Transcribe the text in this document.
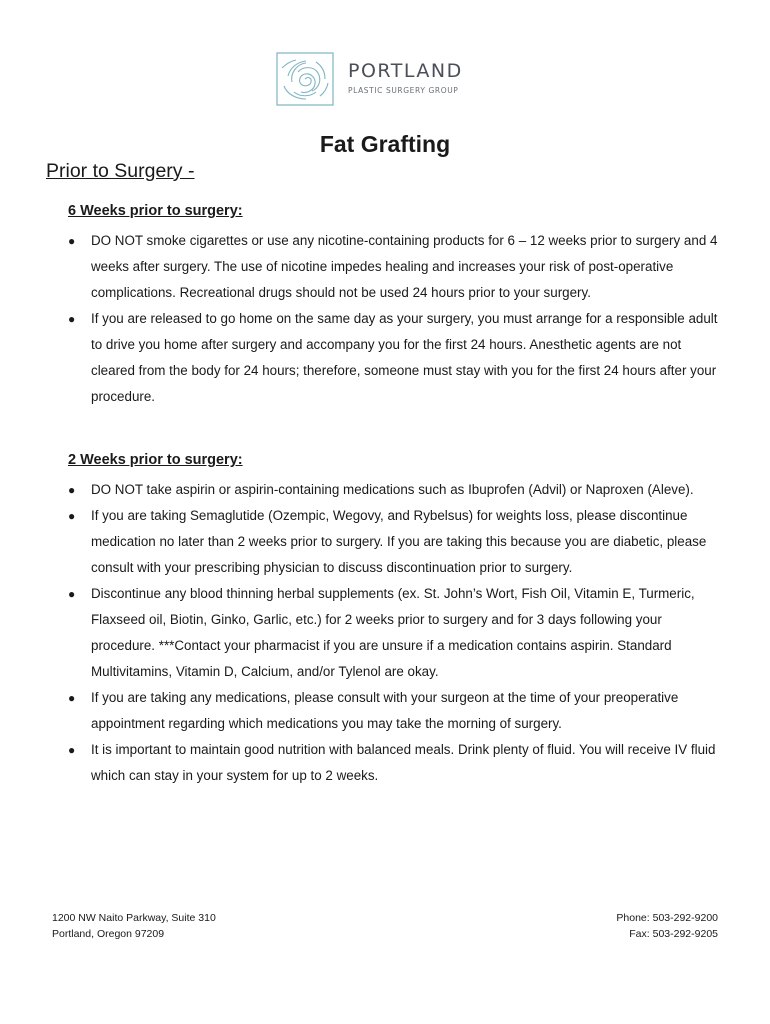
PORTLAND
PLASTIC SURGERY GROUP
Fat Grafting
Prior to Surgery -
6 Weeks prior to surgery:
● DO NOT smoke cigarettes or use any nicotine-containing products for 6 – 12 weeks prior to surgery and 4 weeks after surgery. The use of nicotine impedes healing and increases your risk of post-operative complications. Recreational drugs should not be used 24 hours prior to your surgery.
● If you are released to go home on the same day as your surgery, you must arrange for a responsible adult to drive you home after surgery and accompany you for the first 24 hours. Anesthetic agents are not cleared from the body for 24 hours; therefore, someone must stay with you for the first 24 hours after your procedure.
2 Weeks prior to surgery:
● DO NOT take aspirin or aspirin-containing medications such as Ibuprofen (Advil) or Naproxen (Aleve).
● If you are taking Semaglutide (Ozempic, Wegovy, and Rybelsus) for weights loss, please discontinue medication no later than 2 weeks prior to surgery. If you are taking this because you are diabetic, please consult with your prescribing physician to discuss discontinuation prior to surgery.
● Discontinue any blood thinning herbal supplements (ex. St. John’s Wort, Fish Oil, Vitamin E, Turmeric, Flaxseed oil, Biotin, Ginko, Garlic, etc.) for 2 weeks prior to surgery and for 3 days following your procedure. ***Contact your pharmacist if you are unsure if a medication contains aspirin. Standard Multivitamins, Vitamin D, Calcium, and/or Tylenol are okay.
● If you are taking any medications, please consult with your surgeon at the time of your preoperative appointment regarding which medications you may take the morning of surgery.
● It is important to maintain good nutrition with balanced meals. Drink plenty of fluid. You will receive IV fluid which can stay in your system for up to 2 weeks.
1200 NW Naito Parkway, Suite 310
Portland, Oregon 97209
Phone: 503-292-9200
Fax: 503-292-9205
